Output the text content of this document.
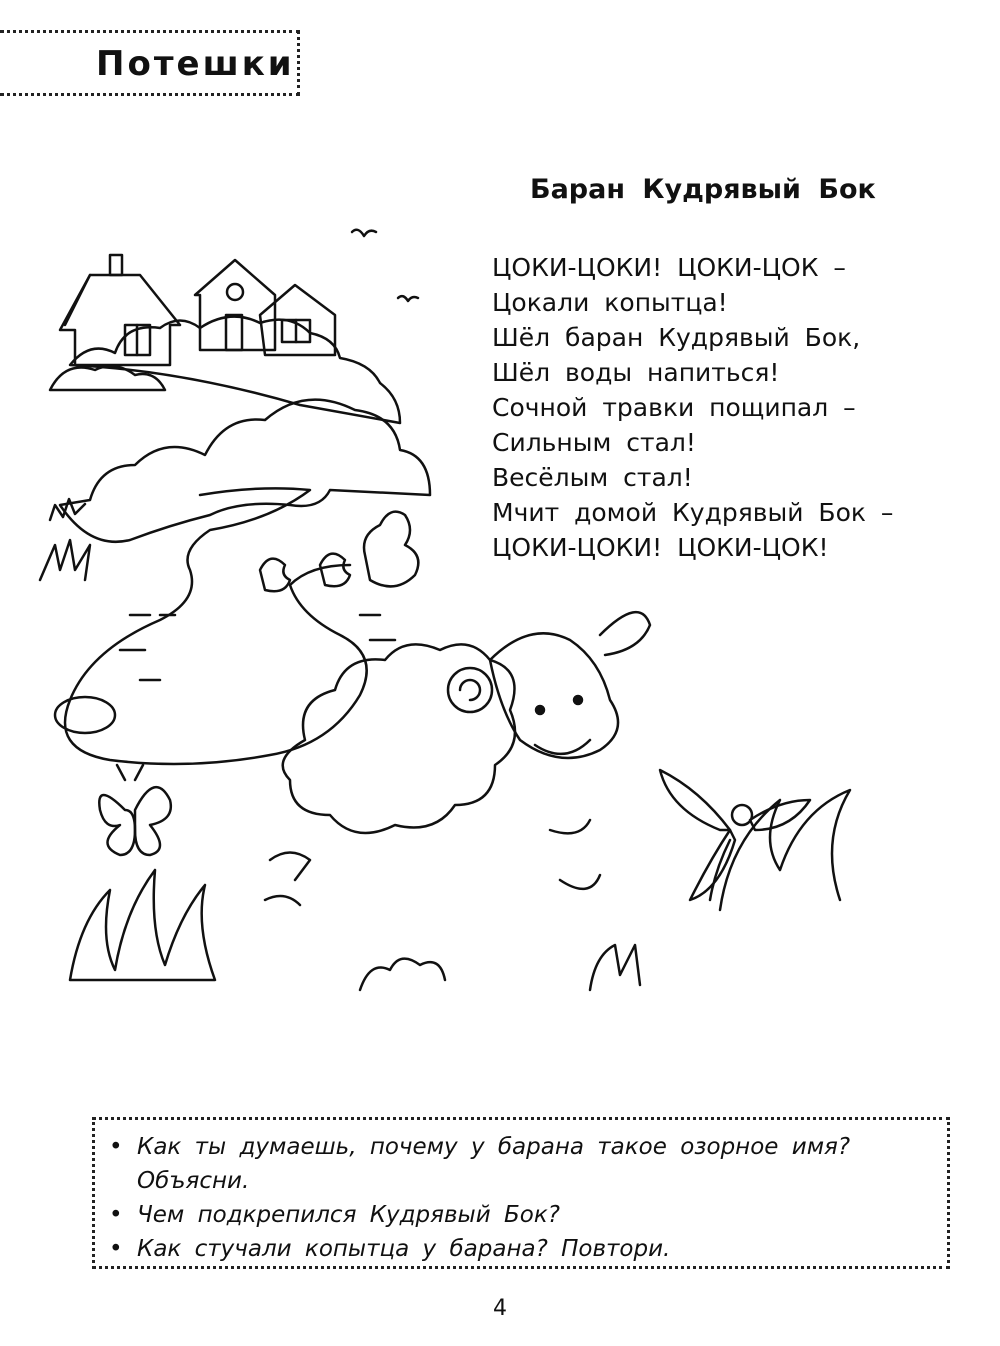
Потешки
Баран Кудрявый Бок
ЦОКИ-ЦОКИ! ЦОКИ-ЦОК –
Цокали копытца!
Шёл баран Кудрявый Бок,
Шёл воды напиться!
Сочной травки пощипал –
Сильным стал!
Весёлым стал!
Мчит домой Кудрявый Бок –
ЦОКИ-ЦОКИ! ЦОКИ-ЦОК!
• Как ты думаешь, почему у барана такое озорное имя?
Объясни.
• Чем подкрепился Кудрявый Бок?
• Как стучали копытца у барана? Повтори.
4
